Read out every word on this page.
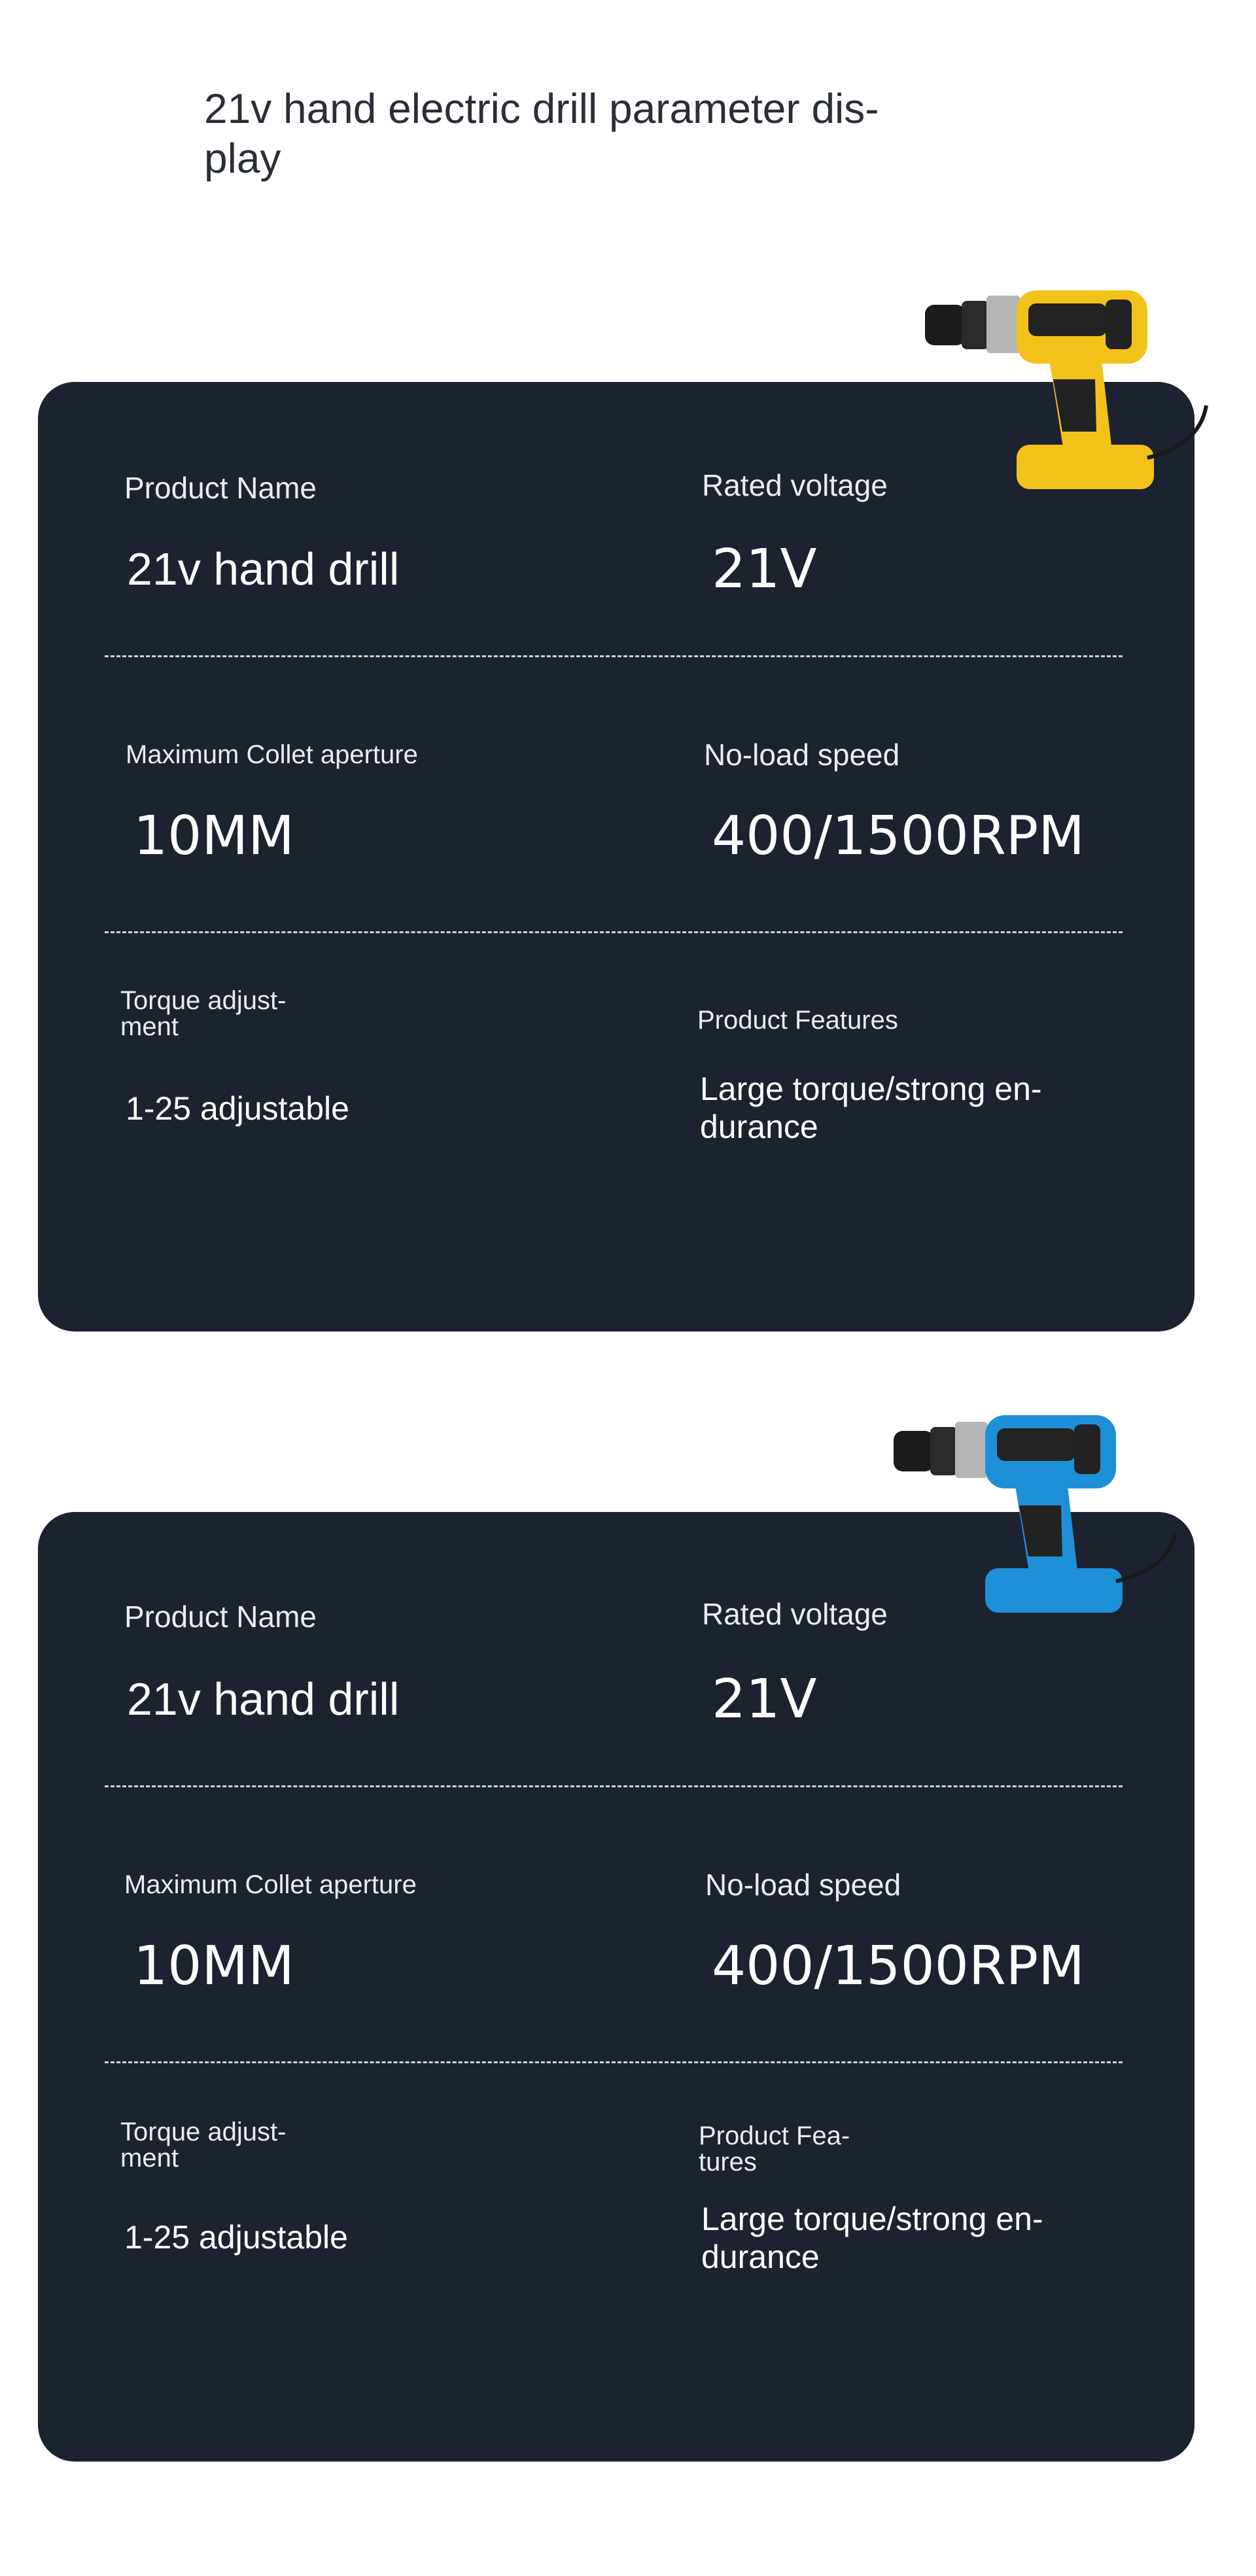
21v hand electric drill parameter dis-
play
Product Name
21v hand drill
Rated voltage
21V
Maximum Collet aperture
10MM
No-load speed
400/1500RPM
Torque adjust-
ment
1-25 adjustable
Product Features
Large torque/strong en-
durance
Product Name
21v hand drill
Rated voltage
21V
Maximum Collet aperture
10MM
No-load speed
400/1500RPM
Torque adjust-
ment
1-25 adjustable
Product Fea-
tures
Large torque/strong en-
durance
